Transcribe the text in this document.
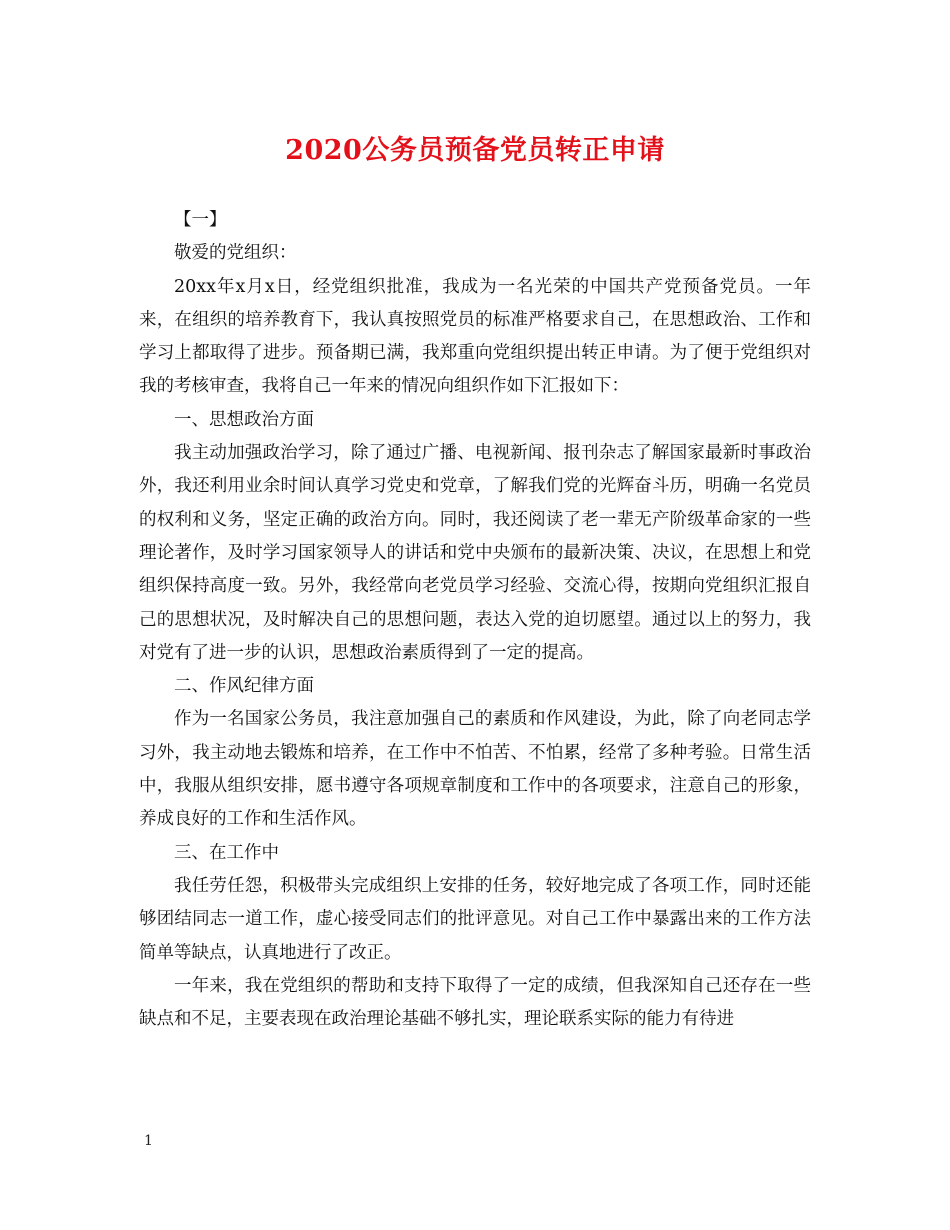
2020公务员预备党员转正申请

【一】

敬爱的党组织：

20xx年x月x日，经党组织批准，我成为一名光荣的中国共产党预备党员。一年来，在组织的培养教育下，我认真按照党员的标准严格要求自己，在思想政治、工作和学习上都取得了进步。预备期已满，我郑重向党组织提出转正申请。为了便于党组织对我的考核审查，我将自己一年来的情况向组织作如下汇报如下：

一、思想政治方面

我主动加强政治学习，除了通过广播、电视新闻、报刊杂志了解国家最新时事政治外，我还利用业余时间认真学习党史和党章，了解我们党的光辉奋斗历，明确一名党员的权利和义务，坚定正确的政治方向。同时，我还阅读了老一辈无产阶级革命家的一些理论著作，及时学习国家领导人的讲话和党中央颁布的最新决策、决议，在思想上和党组织保持高度一致。另外，我经常向老党员学习经验、交流心得，按期向党组织汇报自己的思想状况，及时解决自己的思想问题，表达入党的迫切愿望。通过以上的努力，我对党有了进一步的认识，思想政治素质得到了一定的提高。

二、作风纪律方面

作为一名国家公务员，我注意加强自己的素质和作风建设，为此，除了向老同志学习外，我主动地去锻炼和培养，在工作中不怕苦、不怕累，经常了多种考验。日常生活中，我服从组织安排，愿书遵守各项规章制度和工作中的各项要求，注意自己的形象，养成良好的工作和生活作风。

三、在工作中

我任劳任怨，积极带头完成组织上安排的任务，较好地完成了各项工作，同时还能够团结同志一道工作，虚心接受同志们的批评意见。对自己工作中暴露出来的工作方法简单等缺点，认真地进行了改正。

一年来，我在党组织的帮助和支持下取得了一定的成绩，但我深知自己还存在一些缺点和不足，主要表现在政治理论基础不够扎实，理论联系实际的能力有待进

1
